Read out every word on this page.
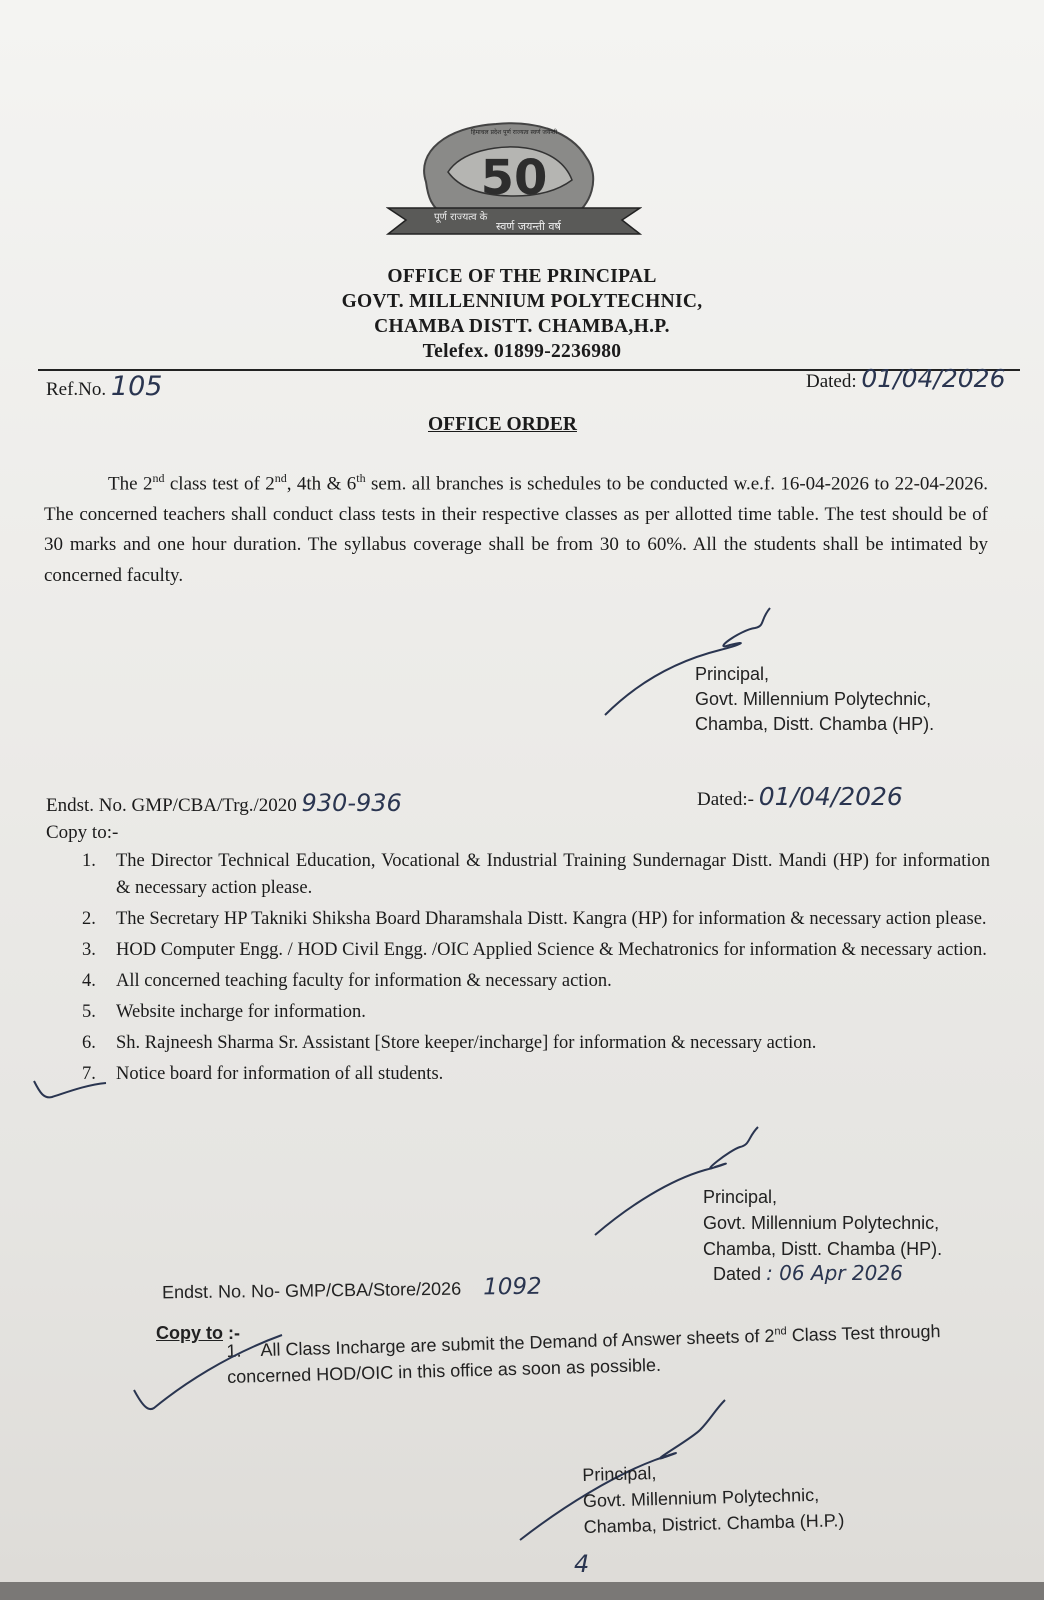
50
पूर्ण राज्यत्व के
स्वर्ण जयन्ती वर्ष
हिमाचल प्रदेश पूर्ण राज्यत्व स्वर्ण जयन्ती
OFFICE OF THE PRINCIPAL
GOVT. MILLENNIUM POLYTECHNIC,
CHAMBA DISTT. CHAMBA,H.P.
Telefex. 01899-2236980
Ref.No. 105	Dated: 01/04/2026
OFFICE ORDER
The 2nd class test of 2nd, 4th & 6th sem. all branches is schedules to be conducted w.e.f. 16-04-2026 to 22-04-2026. The concerned teachers shall conduct class tests in their respective classes as per allotted time table. The test should be of 30 marks and one hour duration. The syllabus coverage shall be from 30 to 60%. All the students shall be intimated by concerned faculty.
Principal,
Govt. Millennium Polytechnic,
Chamba, Distt. Chamba (HP).
Endst. No. GMP/CBA/Trg./2020 930-936	Dated:- 01/04/2026
Copy to:-
1. The Director Technical Education, Vocational & Industrial Training Sundernagar Distt. Mandi (HP) for information & necessary action please.
2. The Secretary HP Takniki Shiksha Board Dharamshala Distt. Kangra (HP) for information & necessary action please.
3. HOD Computer Engg. / HOD Civil Engg. /OIC Applied Science & Mechatronics for information & necessary action.
4. All concerned teaching faculty for information & necessary action.
5. Website incharge for information.
6. Sh. Rajneesh Sharma Sr. Assistant [Store keeper/incharge] for information & necessary action.
7. Notice board for information of all students.
Principal,
Govt. Millennium Polytechnic,
Chamba, Distt. Chamba (HP).
Dated : 06 Apr 2026
Endst. No. No- GMP/CBA/Store/2026 1092
Copy to :-
1. All Class Incharge are submit the Demand of Answer sheets of 2nd Class Test through concerned HOD/OIC in this office as soon as possible.
Principal,
Govt. Millennium Polytechnic,
Chamba, District. Chamba (H.P.)
4
